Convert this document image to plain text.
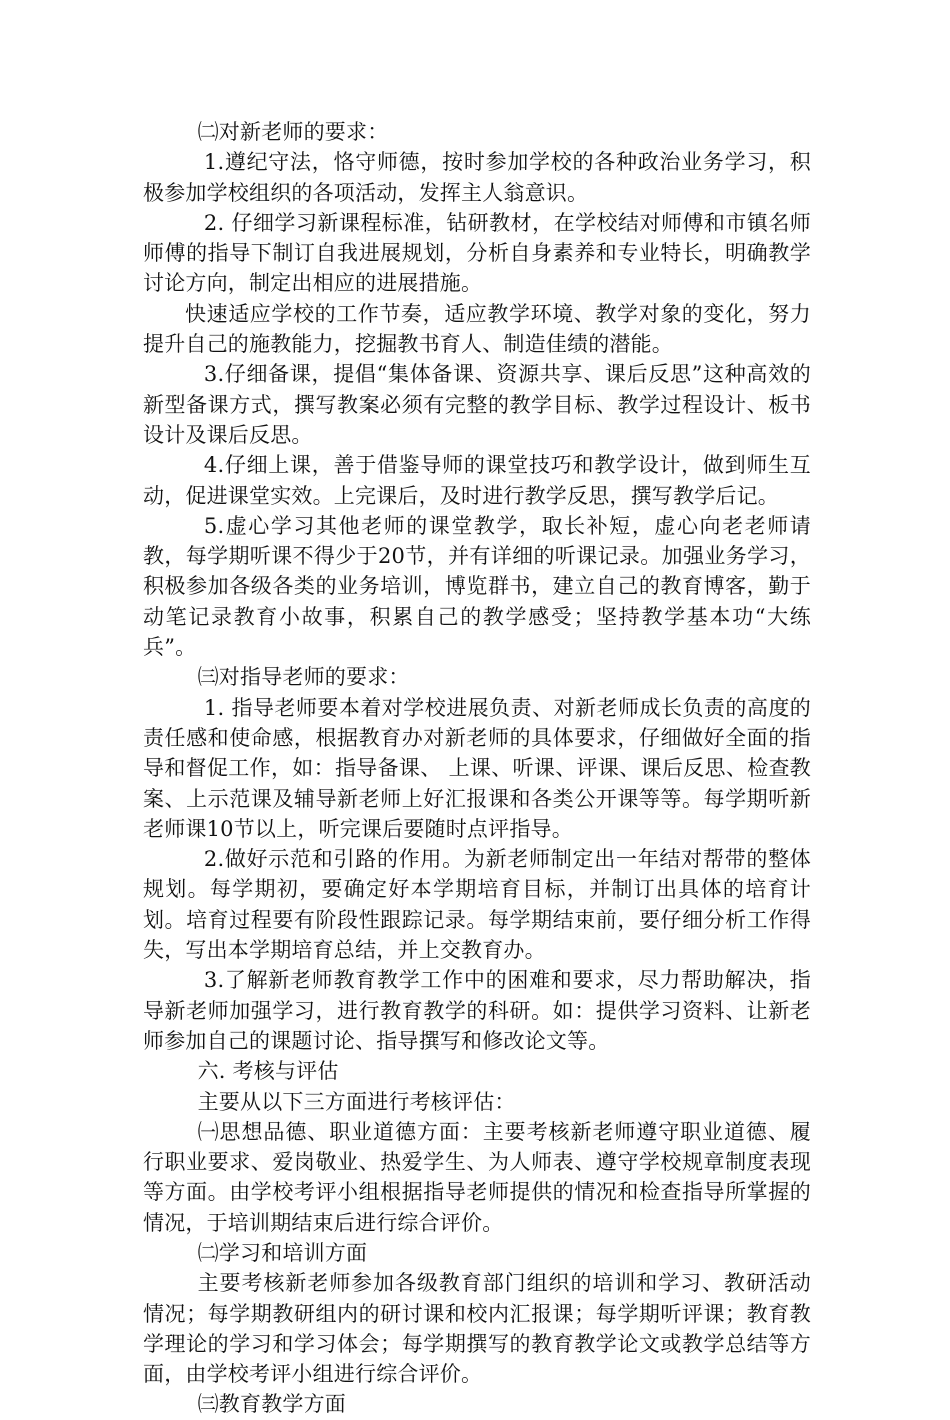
㈡对新老师的要求：

1.遵纪守法，恪守师德，按时参加学校的各种政治业务学习，积极参加学校组织的各项活动，发挥主人翁意识。

2. 仔细学习新课程标准，钻研教材，在学校结对师傅和市镇名师师傅的指导下制订自我进展规划，分析自身素养和专业特长，明确教学讨论方向，制定出相应的进展措施。

快速适应学校的工作节奏，适应教学环境、教学对象的变化，努力提升自己的施教能力，挖掘教书育人、制造佳绩的潜能。

3.仔细备课，提倡“集体备课、资源共享、课后反思”这种高效的新型备课方式，撰写教案必须有完整的教学目标、教学过程设计、板书设计及课后反思。

4.仔细上课，善于借鉴导师的课堂技巧和教学设计，做到师生互动，促进课堂实效。上完课后，及时进行教学反思，撰写教学后记。

5.虚心学习其他老师的课堂教学，取长补短，虚心向老老师请教，每学期听课不得少于20节，并有详细的听课记录。加强业务学习，积极参加各级各类的业务培训，博览群书，建立自己的教育博客，勤于动笔记录教育小故事，积累自己的教学感受；坚持教学基本功“大练兵”。

㈢对指导老师的要求：

1. 指导老师要本着对学校进展负责、对新老师成长负责的高度的责任感和使命感，根据教育办对新老师的具体要求，仔细做好全面的指导和督促工作，如：指导备课、 上课、听课、评课、课后反思、检查教案、上示范课及辅导新老师上好汇报课和各类公开课等等。每学期听新老师课10节以上，听完课后要随时点评指导。

2.做好示范和引路的作用。为新老师制定出一年结对帮带的整体规划。每学期初，要确定好本学期培育目标，并制订出具体的培育计划。培育过程要有阶段性跟踪记录。每学期结束前，要仔细分析工作得失，写出本学期培育总结，并上交教育办。

3.了解新老师教育教学工作中的困难和要求，尽力帮助解决，指导新老师加强学习，进行教育教学的科研。如：提供学习资料、让新老师参加自己的课题讨论、指导撰写和修改论文等。

六. 考核与评估

主要从以下三方面进行考核评估：

㈠思想品德、职业道德方面：主要考核新老师遵守职业道德、履行职业要求、爱岗敬业、热爱学生、为人师表、遵守学校规章制度表现等方面。由学校考评小组根据指导老师提供的情况和检查指导所掌握的情况，于培训期结束后进行综合评价。

㈡学习和培训方面

主要考核新老师参加各级教育部门组织的培训和学习、教研活动情况；每学期教研组内的研讨课和校内汇报课；每学期听评课；教育教学理论的学习和学习体会；每学期撰写的教育教学论文或教学总结等方面，由学校考评小组进行综合评价。

㈢教育教学方面
